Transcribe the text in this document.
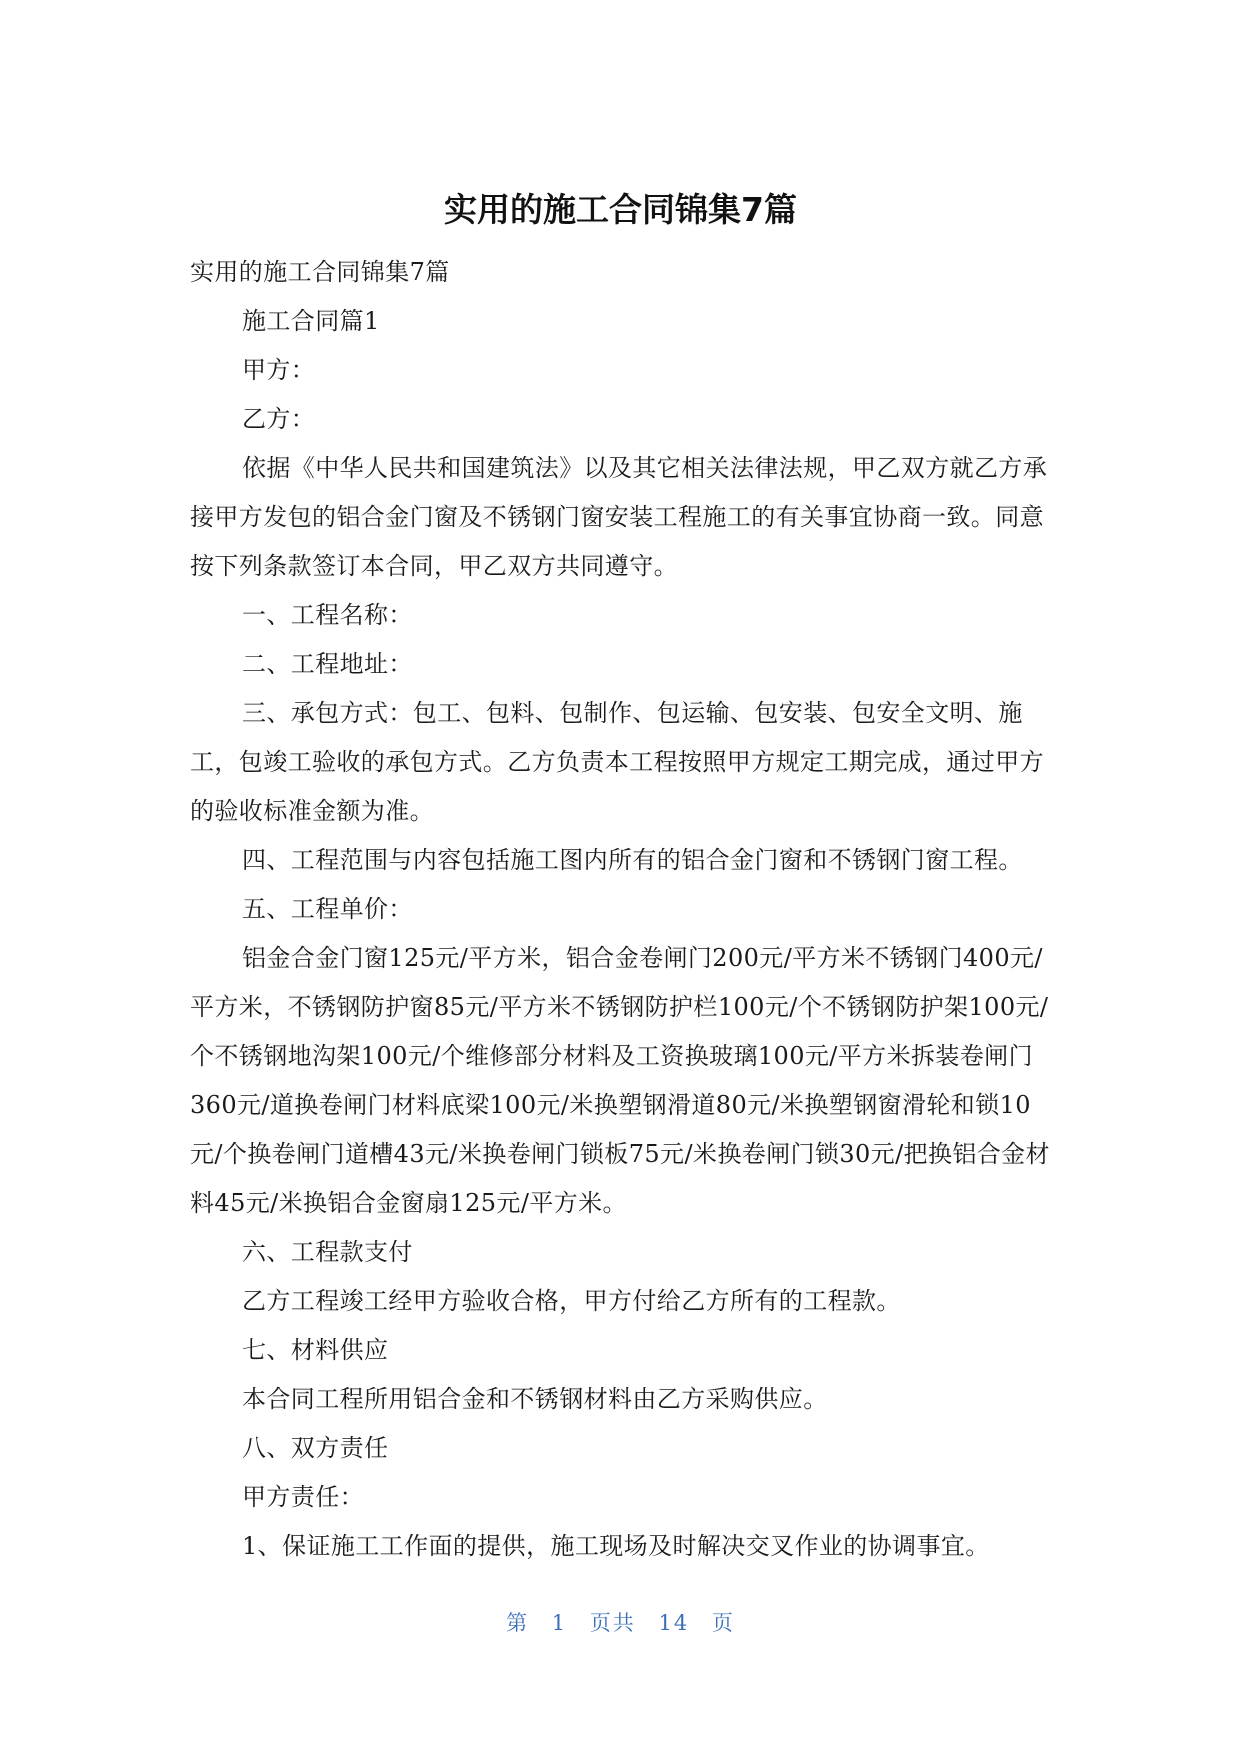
实用的施工合同锦集7篇

实用的施工合同锦集7篇

施工合同篇1

甲方：

乙方：

依据《中华人民共和国建筑法》以及其它相关法律法规，甲乙双方就乙方承接甲方发包的铝合金门窗及不锈钢门窗安装工程施工的有关事宜协商一致。同意按下列条款签订本合同，甲乙双方共同遵守。

一、工程名称：

二、工程地址：

三、承包方式：包工、包料、包制作、包运输、包安装、包安全文明、施工，包竣工验收的承包方式。乙方负责本工程按照甲方规定工期完成，通过甲方的验收标准金额为准。

四、工程范围与内容包括施工图内所有的铝合金门窗和不锈钢门窗工程。

五、工程单价：

铝金合金门窗125元/平方米，铝合金卷闸门200元/平方米不锈钢门400元/平方米，不锈钢防护窗85元/平方米不锈钢防护栏100元/个不锈钢防护架100元/个不锈钢地沟架100元/个维修部分材料及工资换玻璃100元/平方米拆装卷闸门360元/道换卷闸门材料底梁100元/米换塑钢滑道80元/米换塑钢窗滑轮和锁10元/个换卷闸门道槽43元/米换卷闸门锁板75元/米换卷闸门锁30元/把换铝合金材料45元/米换铝合金窗扇125元/平方米。

六、工程款支付

乙方工程竣工经甲方验收合格，甲方付给乙方所有的工程款。

七、材料供应

本合同工程所用铝合金和不锈钢材料由乙方采购供应。

八、双方责任

甲方责任：

1、保证施工工作面的提供，施工现场及时解决交叉作业的协调事宜。

第 1 页共 14 页
